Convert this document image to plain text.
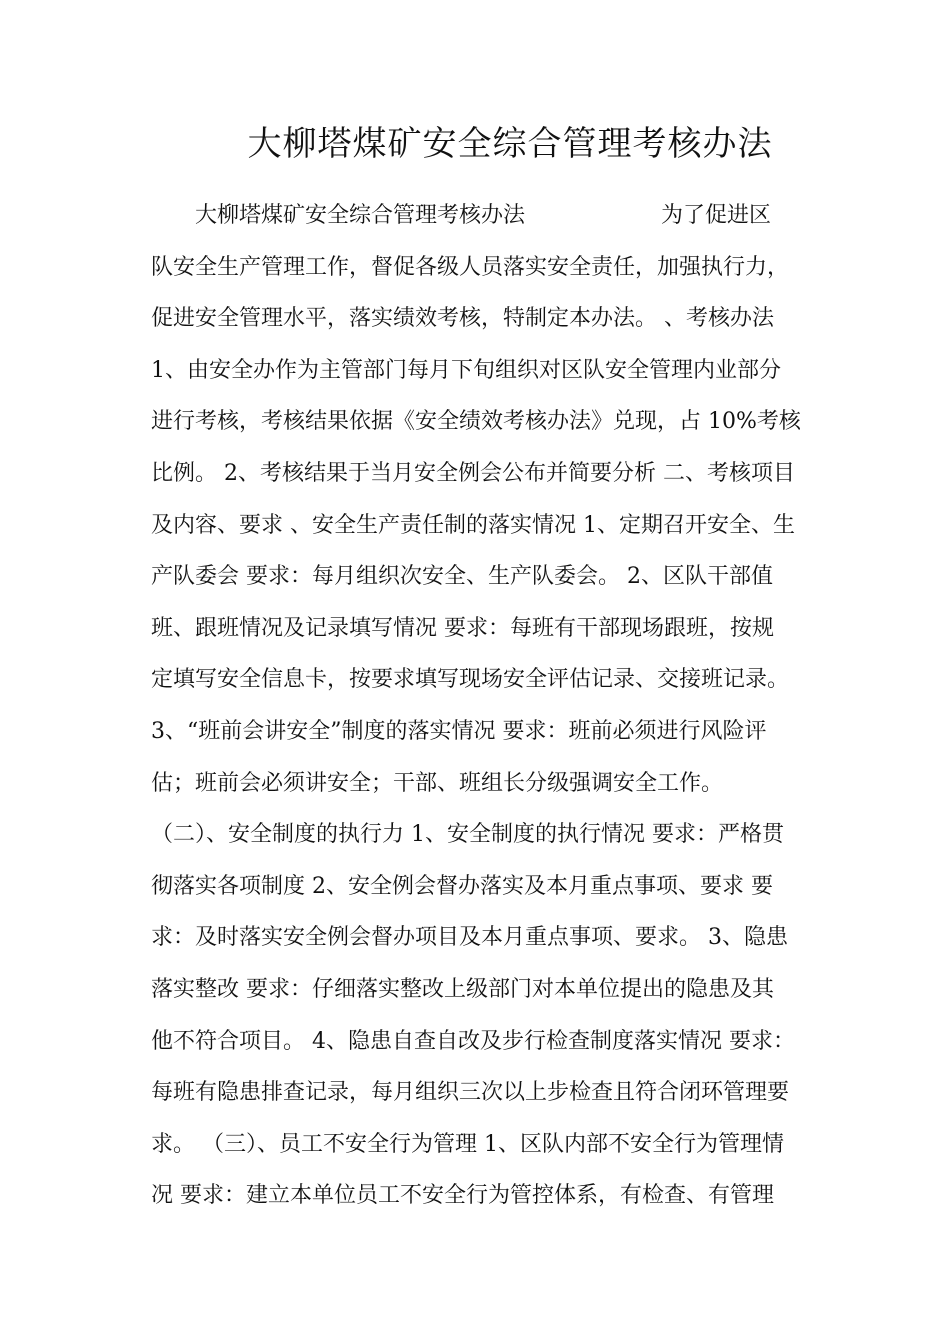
大柳塔煤矿安全综合管理考核办法
大柳塔煤矿安全综合管理考核办法	为了促进区
队安全生产管理工作，督促各级人员落实安全责任，加强执行力，
促进安全管理水平，落实绩效考核，特制定本办法。 、考核办法
1、由安全办作为主管部门每月下旬组织对区队安全管理内业部分
进行考核，考核结果依据《安全绩效考核办法》兑现，占 10%考核
比例。 2、考核结果于当月安全例会公布并简要分析 二、考核项目
及内容、要求 、安全生产责任制的落实情况 1、定期召开安全、生
产队委会 要求：每月组织次安全、生产队委会。 2、区队干部值
班、跟班情况及记录填写情况 要求：每班有干部现场跟班，按规
定填写安全信息卡，按要求填写现场安全评估记录、交接班记录。
3、“班前会讲安全”制度的落实情况 要求：班前必须进行风险评
估；班前会必须讲安全；干部、班组长分级强调安全工作。
（二）、安全制度的执行力 1、安全制度的执行情况 要求：严格贯
彻落实各项制度 2、安全例会督办落实及本月重点事项、要求 要
求：及时落实安全例会督办项目及本月重点事项、要求。 3、隐患
落实整改 要求：仔细落实整改上级部门对本单位提出的隐患及其
他不符合项目。 4、隐患自查自改及步行检查制度落实情况 要求：
每班有隐患排查记录，每月组织三次以上步检查且符合闭环管理要
求。 （三）、员工不安全行为管理 1、区队内部不安全行为管理情
况 要求：建立本单位员工不安全行为管控体系，有检查、有管理
